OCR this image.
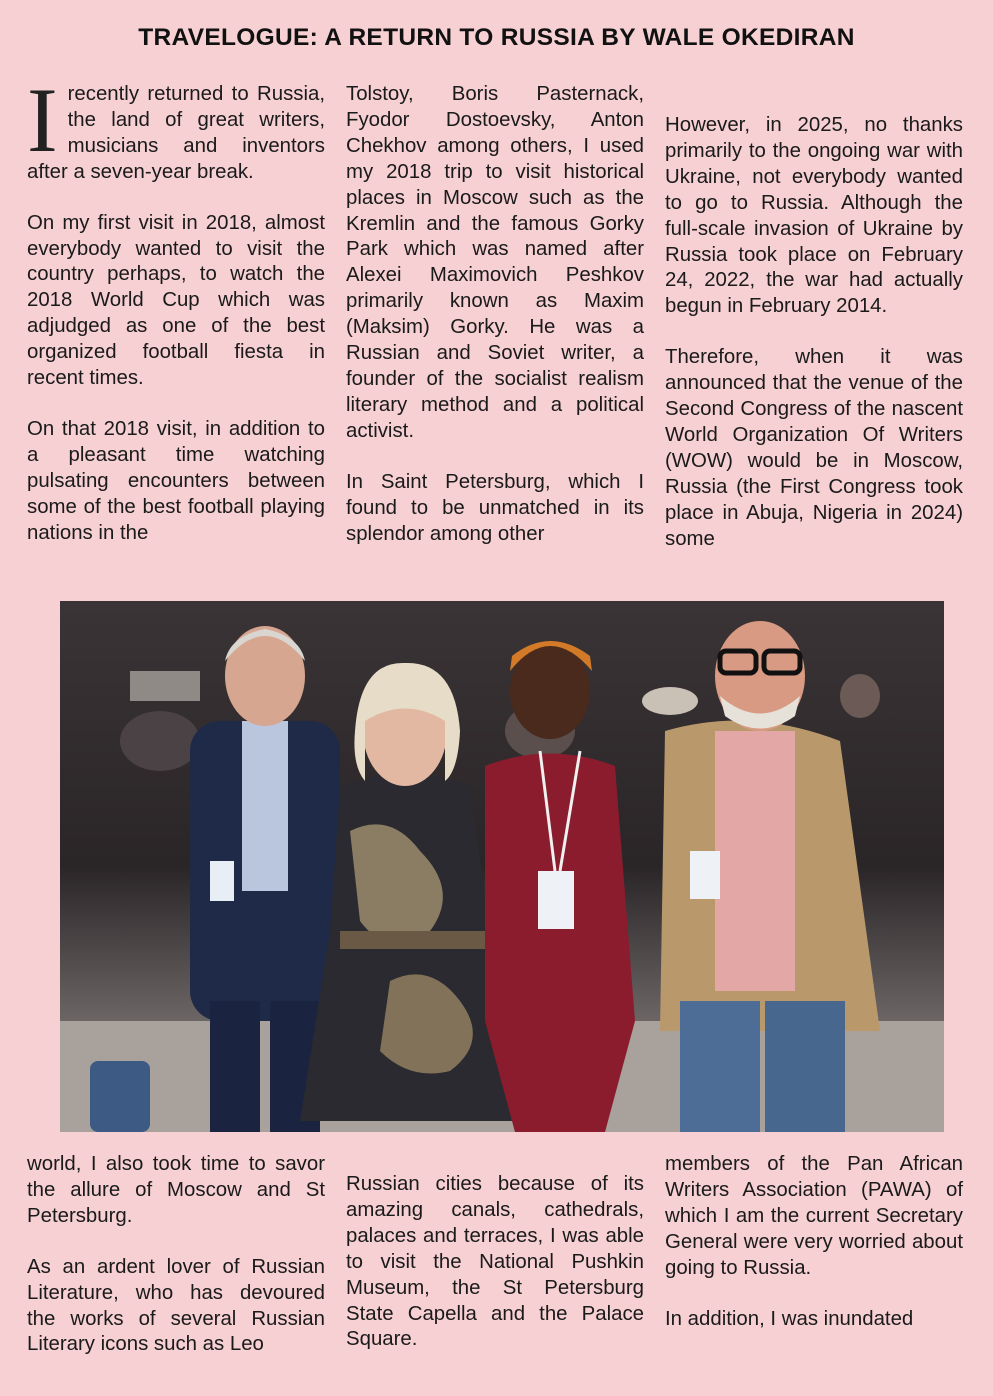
TRAVELOGUE: A RETURN TO RUSSIA BY WALE OKEDIRAN

Irecently returned to Russia, the land of great writers, musicians and inventors after a seven-year break.

On my first visit in 2018, almost everybody wanted to visit the country perhaps, to watch the 2018 World Cup which was adjudged as one of the best organized football fiesta in recent times.

On that 2018 visit, in addition to a pleasant time watching pulsating encounters between some of the best football playing nations in the

Tolstoy, Boris Pasternack, Fyodor Dostoevsky, Anton Chekhov among others, I used my 2018 trip to visit historical places in Moscow such as the Kremlin and the famous Gorky Park which was named after Alexei Maximovich Peshkov primarily known as Maxim (Maksim) Gorky. He was a Russian and Soviet writer, a founder of the socialist realism literary method and a political activist.

In Saint Petersburg, which I found to be unmatched in its splendor among other

However, in 2025, no thanks primarily to the ongoing war with Ukraine, not everybody wanted to go to Russia. Although the full-scale invasion of Ukraine by Russia took place on February 24, 2022, the war had actually begun in February 2014.

Therefore, when it was announced that the venue of the Second Congress of the nascent World Organization Of Writers (WOW) would be in Moscow, Russia (the First Congress took place in Abuja, Nigeria in 2024) some

world, I also took time to savor the allure of Moscow and St Petersburg.

As an ardent lover of Russian Literature, who has devoured the works of several Russian Literary icons such as Leo

Russian cities because of its amazing canals, cathedrals, palaces and terraces, I was able to visit the National Pushkin Museum, the St Petersburg State Capella and the Palace Square.

members of the Pan African Writers Association (PAWA) of which I am the current Secretary General were very worried about going to Russia.

In addition, I was inundated
